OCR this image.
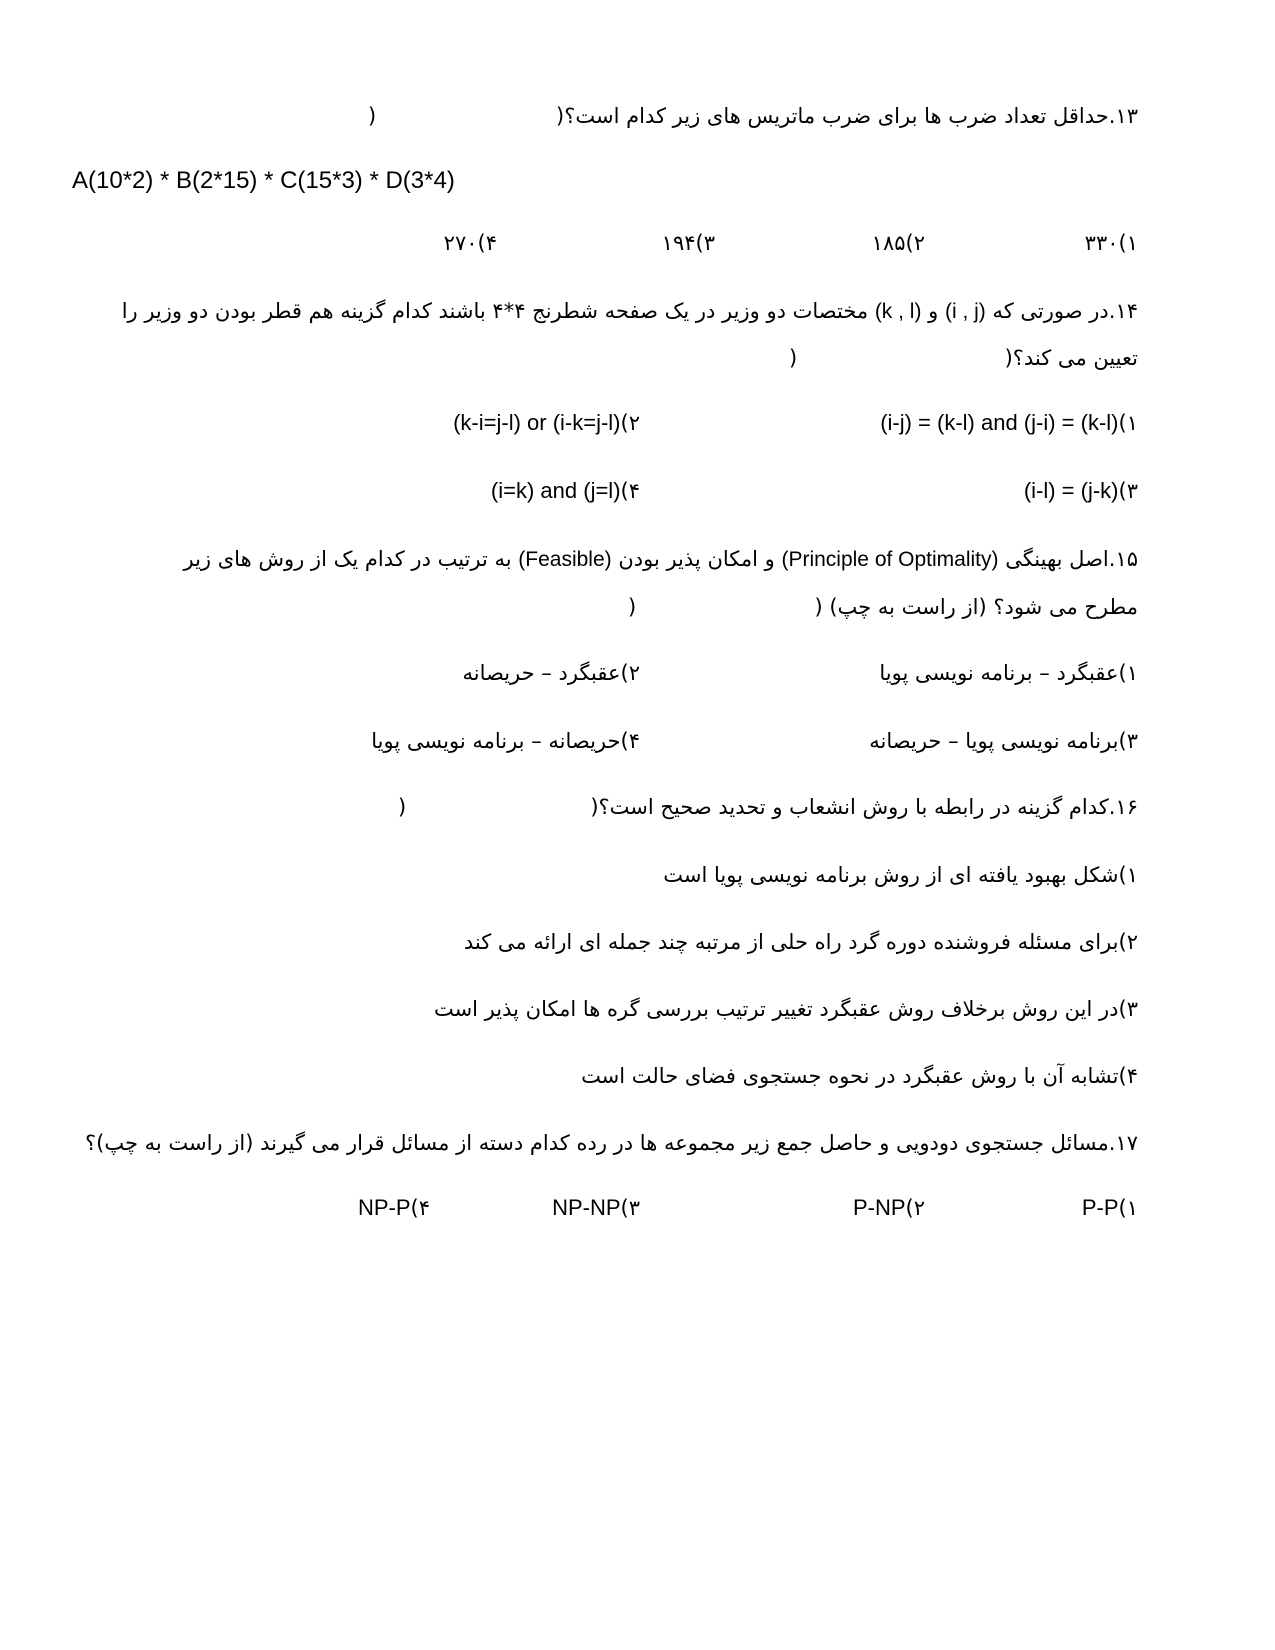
۱۳.حداقل تعداد ضرب ها برای ضرب ماتریس های زیر کدام است؟(
)
A(10*2) * B(2*15) * C(15*3) * D(3*4)
۱)۳۳۰
۲)۱۸۵
۳)۱۹۴
۴)۲۷۰
۱۴.در صورتی که (i , j) و (k , l) مختصات دو وزیر در یک صفحه شطرنج ۴*۴ باشند کدام گزینه هم قطر بودن دو وزیر را
تعیین می کند؟(
)
۱)(i-j) = (k-l) and (j-i) = (k-l)
۲)(k-i=j-l) or (i-k=j-l)
۳)(i-l) = (j-k)
۴)(i=k) and (j=l)
۱۵.اصل بهینگی (Principle of Optimality) و امکان پذیر بودن (Feasible) به ترتیب در کدام یک از روش های زیر
مطرح می شود؟ (از راست به چپ) (
)
۱)عقبگرد – برنامه نویسی پویا
۲)عقبگرد – حریصانه
۳)برنامه نویسی پویا – حریصانه
۴)حریصانه – برنامه نویسی پویا
۱۶.کدام گزینه در رابطه با روش انشعاب و تحدید صحیح است؟(
)
۱)شکل بهبود یافته ای از روش برنامه نویسی پویا است
۲)برای مسئله فروشنده دوره گرد راه حلی از مرتبه چند جمله ای ارائه می کند
۳)در این روش برخلاف روش عقبگرد تغییر ترتیب بررسی گره ها امکان پذیر است
۴)تشابه آن با روش عقبگرد در نحوه جستجوی فضای حالت است
۱۷.مسائل جستجوی دودویی و حاصل جمع زیر مجموعه ها در رده کدام دسته از مسائل قرار می گیرند (از راست به چپ)؟
۱)P-P
۲)P-NP
۳)NP-NP
۴)NP-P
